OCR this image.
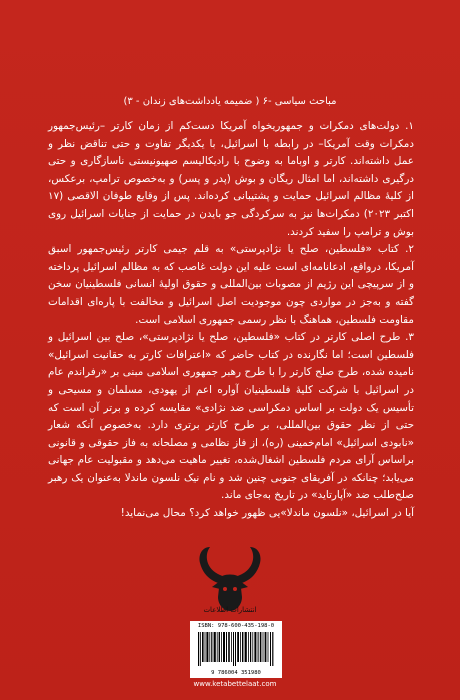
مباحث سیاسی -۶ ( ضمیمه یادداشت‌های زندان - ۳)

۱. دولت‌های دمکرات و جمهوریخواه آمریکا دست‌کم از زمان کارتر –رئیس‌جمهور دمکرات وقت آمریکا– در رابطه با اسرائیل، با یکدیگر تفاوت و حتی تناقض نظر و عمل داشته‌اند. کارتر و اوباما به وضوح با رادیکالیسم صهیونیستی ناسازگاری و حتی درگیری داشته‌اند، اما امثال ریگان و بوش (پدر و پسر) و به‌خصوص ترامپ، برعکس، از کلیهٔ مظالم اسرائیل حمایت و پشتیبانی کرده‌اند. پس از وقایع طوفان الاقصی (۱۷ اکتبر ۲۰۲۳) دمکرات‌ها نیز به سرکردگی جو بایدن در حمایت از جنایات اسرائیل روی بوش و ترامپ را سفید کردند.

۲. کتاب «فلسطین، صلح یا نژادپرستی» به قلم جیمی کارتر رئیس‌جمهور اسبق آمریکا، درواقع، ادعانامه‌ای است علیه این دولت غاصب که به مظالم اسرائیل پرداخته و از سرپیچی این رژیم از مصوبات بین‌المللی و حقوق اولیهٔ انسانی فلسطینیان سخن گفته و به‌جز در مواردی چون موجودیت اصل اسرائیل و مخالفت با پاره‌ای اقدامات مقاومت فلسطین، هماهنگ با نظر رسمی جمهوری اسلامی است.

۳. طرح اصلی کارتر در کتاب «فلسطین، صلح یا نژادپرستی»، صلح بین اسرائیل و فلسطین است؛ اما نگارنده در کتاب حاضر که «اعترافات کارتر به حقانیت اسرائیل» نامیده شده، طرح صلح کارتر را با طرح رهبر جمهوری اسلامی مبنی بر «رفراندم عام در اسرائیل با شرکت کلیهٔ فلسطینیان آواره اعم از یهودی، مسلمان و مسیحی و تأسیس یک دولت بر اساس دمکراسی ضد نژادی» مقایسه کرده و برتر آن است که حتی از نظر حقوق بین‌المللی، بر طرح کارتر برتری دارد. به‌خصوص آنکه شعار «نابودی اسرائیل» امام‌خمینی (ره)، از فاز نظامی و مصلحانه به فاز حقوقی و قانونی براساس آرای مردم فلسطین اشغال‌شده، تغییر ماهیت می‌دهد و مقبولیت عام جهانی می‌یابد؛ چنانکه در آفریقای جنوبی چنین شد و نام نیک نلسون ماندلا به‌عنوان یک رهبر صلح‌طلب ضد «آپارتاید» در تاریخ به‌جای ماند.

آیا در اسرائیل، «نلسون ماندلا»یی ظهور خواهد کرد؟ محال می‌نماید!

انتشارات اطلاعات
ISBN: 978-600-435-198-0
9 786004 351980
www.ketabettelaat.com
